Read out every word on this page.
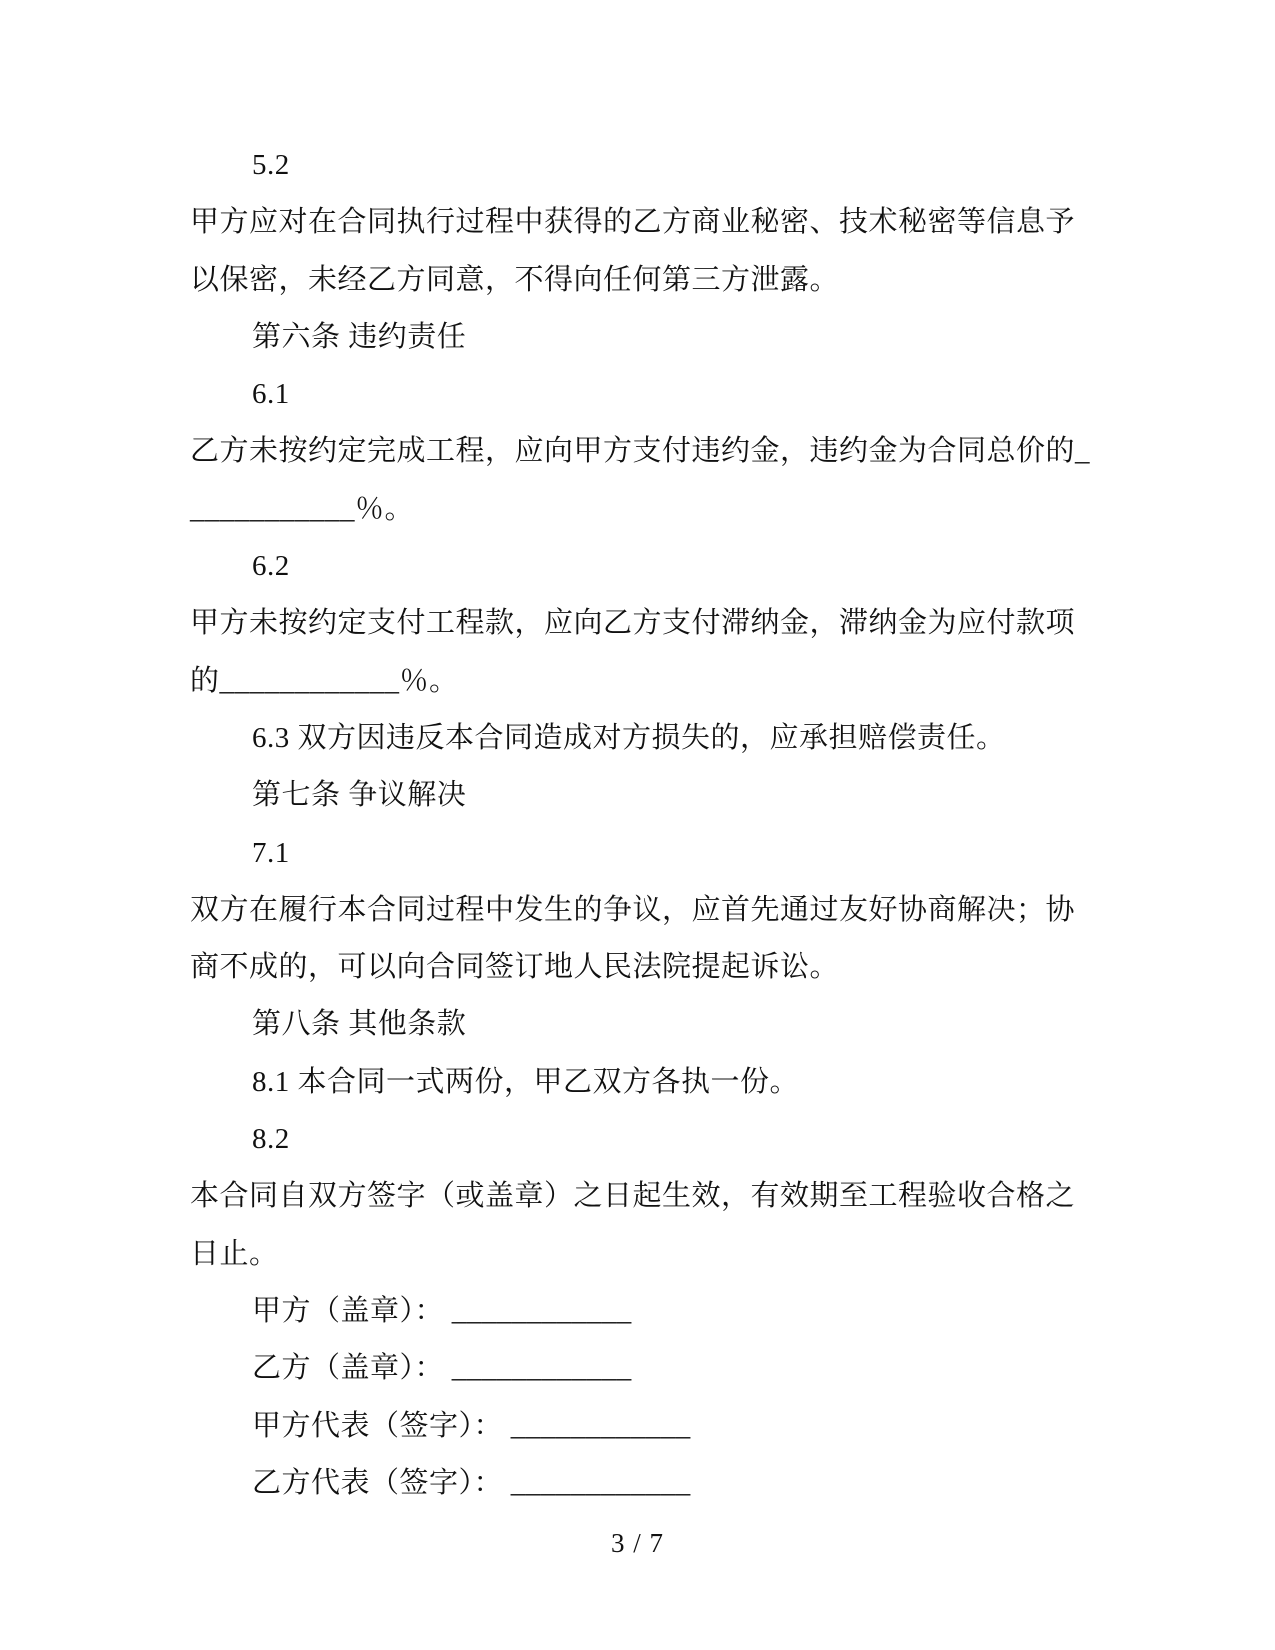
5.2
甲方应对在合同执行过程中获得的乙方商业秘密、技术秘密等信息予
以保密，未经乙方同意，不得向任何第三方泄露。
第六条 违约责任
6.1
乙方未按约定完成工程，应向甲方支付违约金，违约金为合同总价的_
___________％。
6.2
甲方未按约定支付工程款，应向乙方支付滞纳金，滞纳金为应付款项
的____________％。
6.3 双方因违反本合同造成对方损失的，应承担赔偿责任。
第七条 争议解决
7.1
双方在履行本合同过程中发生的争议，应首先通过友好协商解决；协
商不成的，可以向合同签订地人民法院提起诉讼。
第八条 其他条款
8.1 本合同一式两份，甲乙双方各执一份。
8.2
本合同自双方签字（或盖章）之日起生效，有效期至工程验收合格之
日止。
甲方（盖章）： ____________
乙方（盖章）： ____________
甲方代表（签字）： ____________
乙方代表（签字）： ____________
3 / 7
